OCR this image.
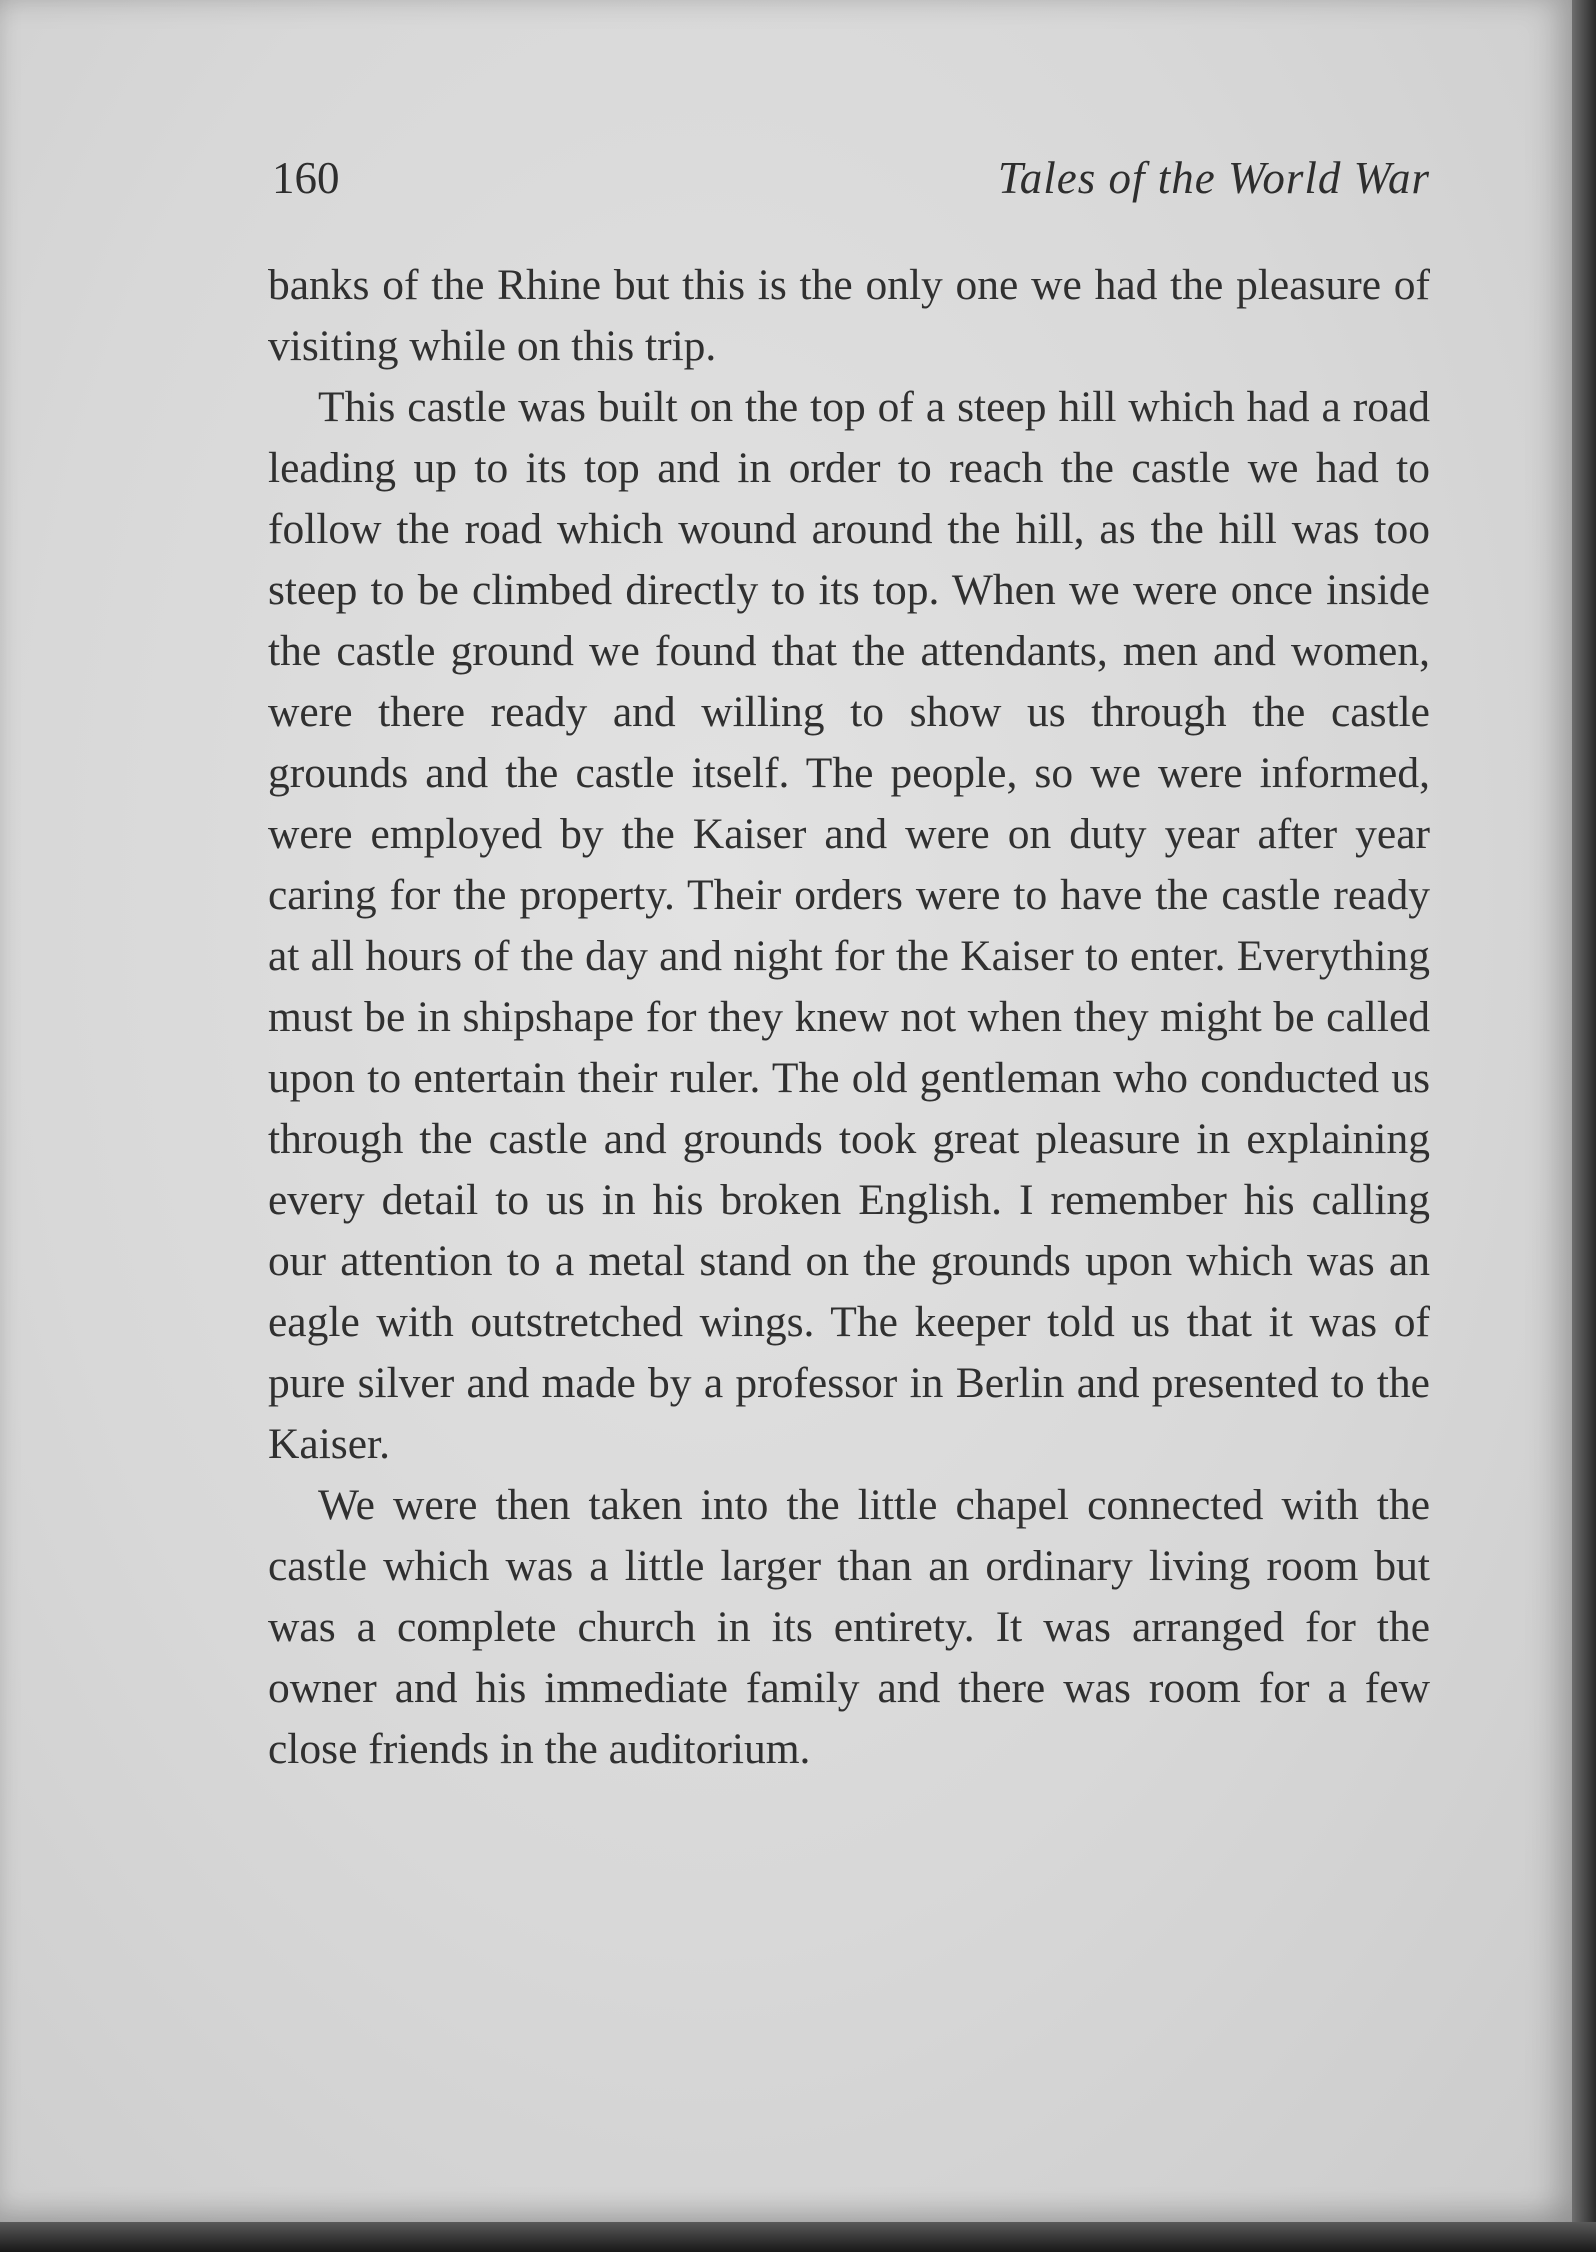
160	Tales of the World War

banks of the Rhine but this is the only one we had the pleasure of visiting while on this trip.

This castle was built on the top of a steep hill which had a road leading up to its top and in order to reach the castle we had to follow the road which wound around the hill, as the hill was too steep to be climbed directly to its top. When we were once inside the castle ground we found that the attendants, men and women, were there ready and willing to show us through the castle grounds and the castle itself. The people, so we were informed, were employed by the Kaiser and were on duty year after year caring for the property. Their orders were to have the castle ready at all hours of the day and night for the Kaiser to enter. Everything must be in shipshape for they knew not when they might be called upon to entertain their ruler. The old gentleman who conducted us through the castle and grounds took great pleasure in explaining every detail to us in his broken English. I remember his calling our attention to a metal stand on the grounds upon which was an eagle with outstretched wings. The keeper told us that it was of pure silver and made by a professor in Berlin and presented to the Kaiser.

We were then taken into the little chapel connected with the castle which was a little larger than an ordinary living room but was a complete church in its entirety. It was arranged for the owner and his immediate family and there was room for a few close friends in the auditorium.
